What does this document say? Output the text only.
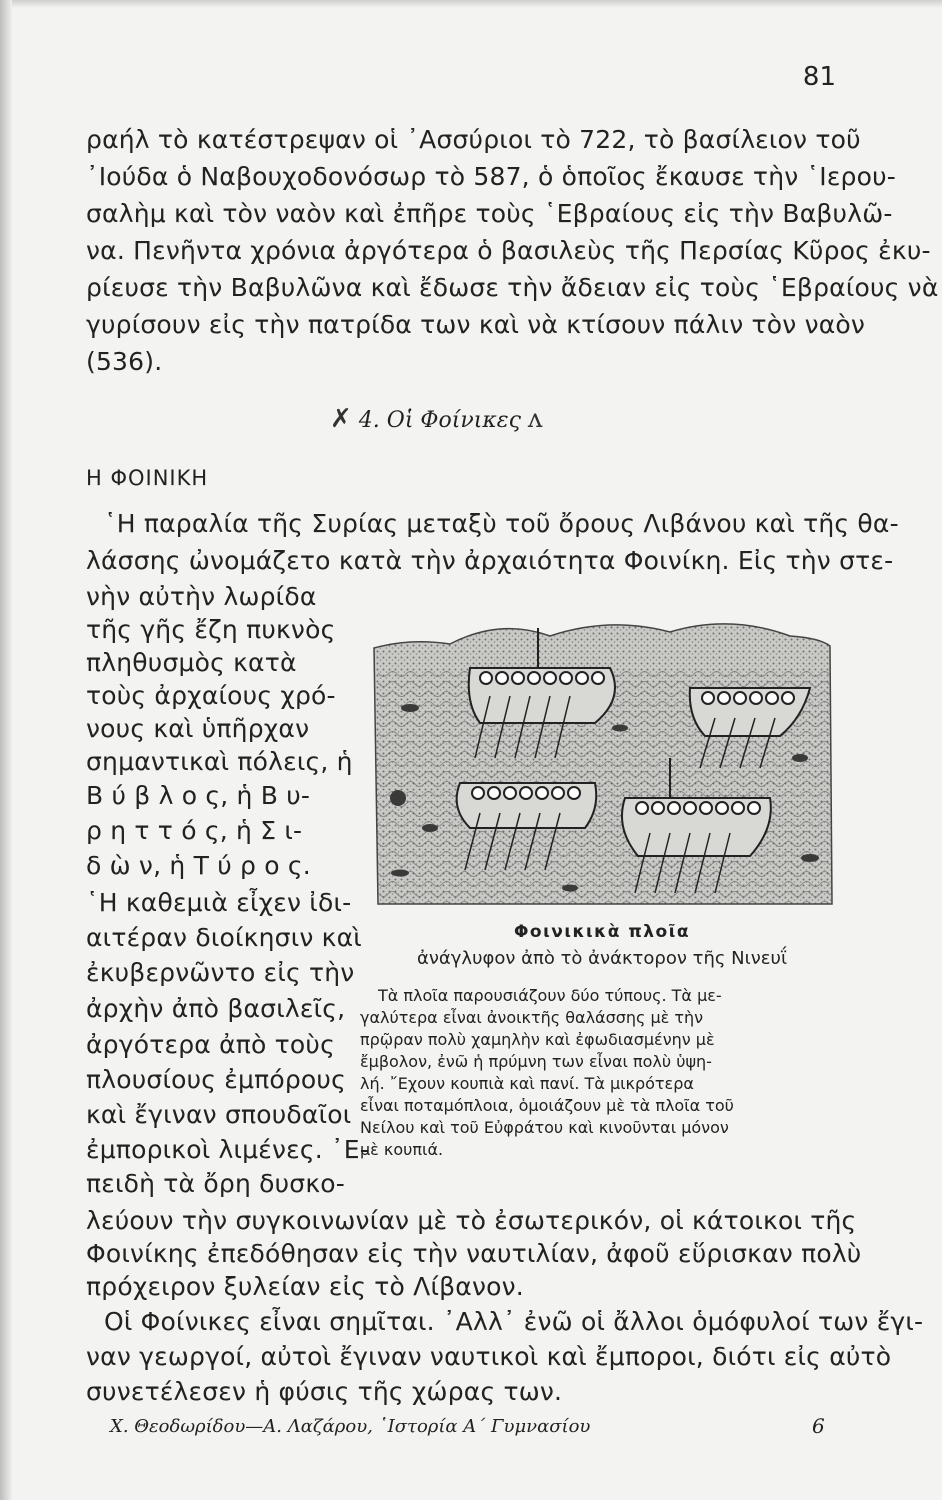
81
ραήλ τὸ κατέστρεψαν οἱ ᾿Ασσύριοι τὸ 722, τὸ βασίλειον τοῦ
᾿Ιούδα ὁ Ναβουχοδονόσωρ τὸ 587, ὁ ὁποῖος ἔκαυσε τὴν ῾Ιερου-
σαλὴμ καὶ τὸν ναὸν καὶ ἐπῆρε τοὺς ῾Εβραίους εἰς τὴν Βαβυλῶ-
να. Πενῆντα χρόνια ἀργότερα ὁ βασιλεὺς τῆς Περσίας Κῦρος ἐκυ-
ρίευσε τὴν Βαβυλῶνα καὶ ἔδωσε τὴν ἄδειαν εἰς τοὺς ῾Εβραίους νὰ
γυρίσουν εἰς τὴν πατρίδα των καὶ νὰ κτίσουν πάλιν τὸν ναὸν
(536).
✗ 4. Οἱ Φοίνικες ʌ
Η ΦΟΙΝΙΚΗ
῾Η παραλία τῆς Συρίας μεταξὺ τοῦ ὄρους Λιβάνου καὶ τῆς θα-
λάσσης ὠνομάζετο κατὰ τὴν ἀρχαιότητα Φοινίκη. Εἰς τὴν στε-
νὴν αὐτὴν λωρίδα
τῆς γῆς ἔζη πυκνὸς
πληθυσμὸς κατὰ
τοὺς ἀρχαίους χρό-
νους καὶ ὑπῆρχαν
σημαντικαὶ πόλεις, ἡ
Β ύ β λ ο ς, ἡ Β υ-
ρ η τ τ ό ς, ἡ Σ ι-
δ ὼ ν, ἡ Τ ύ ρ ο ς.
῾Η καθεμιὰ εἶχεν ἰδι-
αιτέραν διοίκησιν καὶ
ἐκυβερνῶντο εἰς τὴν
ἀρχὴν ἀπὸ βασιλεῖς,
ἀργότερα ἀπὸ τοὺς
πλουσίους ἐμπόρους
καὶ ἔγιναν σπουδαῖοι
ἐμπορικοὶ λιμένες. ᾿Ε-
πειδὴ τὰ ὄρη δυσκο-
Φοινικικὰ πλοῖα
ἀνάγλυφον ἀπὸ τὸ ἀνάκτορον τῆς Νινευΐ
Τὰ πλοῖα παρουσιάζουν δύο τύπους. Τὰ με-
γαλύτερα εἶναι ἀνοικτῆς θαλάσσης μὲ τὴν
πρῷραν πολὺ χαμηλὴν καὶ ἐφωδιασμένην μὲ
ἔμβολον, ἐνῶ ἡ πρύμνη των εἶναι πολὺ ὑψη-
λή. ῎Εχουν κουπιὰ καὶ πανί. Τὰ μικρότερα
εἶναι ποταμόπλοια, ὁμοιάζουν μὲ τὰ πλοῖα τοῦ
Νείλου καὶ τοῦ Εὐφράτου καὶ κινοῦνται μόνον
μὲ κουπιά.
λεύουν τὴν συγκοινωνίαν μὲ τὸ ἐσωτερικόν, οἱ κάτοικοι τῆς
Φοινίκης ἐπεδόθησαν εἰς τὴν ναυτιλίαν, ἀφοῦ εὕρισκαν πολὺ
πρόχειρον ξυλείαν εἰς τὸ Λίβανον.
Οἱ Φοίνικες εἶναι σημῖται. ᾿Αλλ᾿ ἐνῶ οἱ ἄλλοι ὁμόφυλοί των ἔγι-
ναν γεωργοί, αὐτοὶ ἔγιναν ναυτικοὶ καὶ ἔμποροι, διότι εἰς αὐτὸ
συνετέλεσεν ἡ φύσις τῆς χώρας των.
Χ. Θεοδωρίδου—Α. Λαζάρου, ῾Ιστορία Α΄ Γυμνασίου	6
